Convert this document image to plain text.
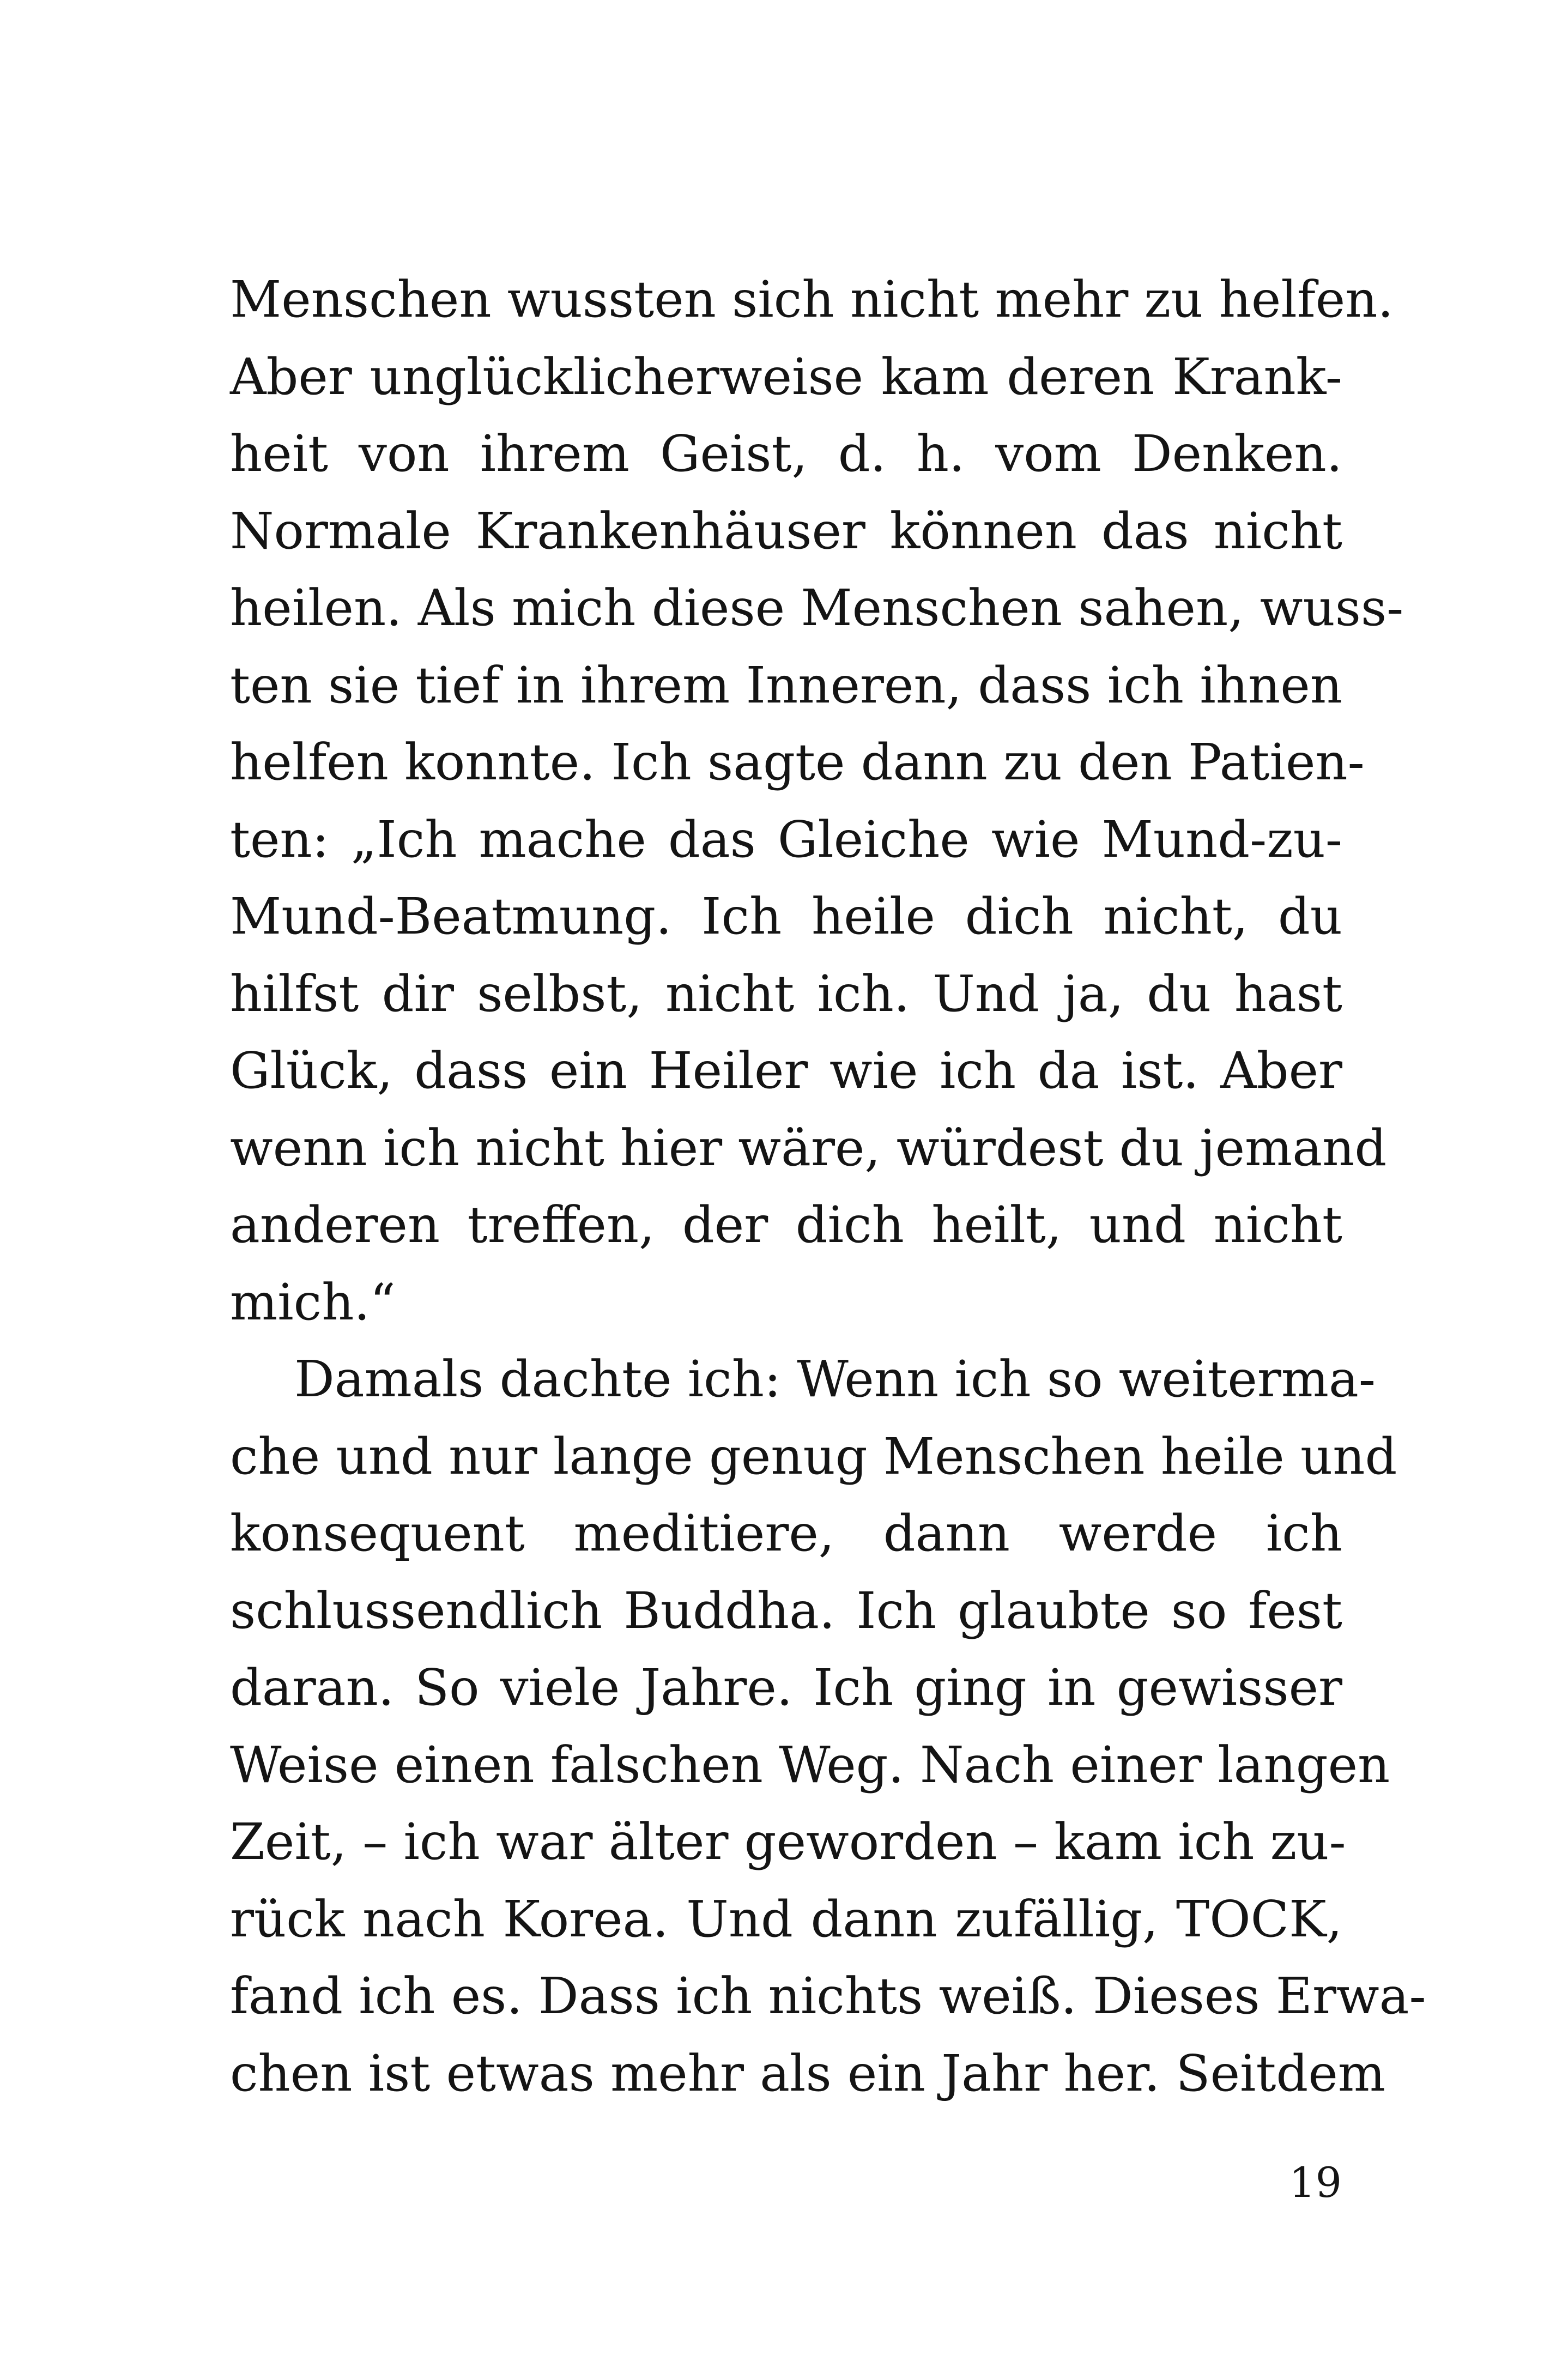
Menschen wussten sich nicht mehr zu helfen.
Aber unglücklicherweise kam deren Krank-
heit von ihrem Geist, d. h. vom Denken.
Normale Krankenhäuser können das nicht
heilen. Als mich diese Menschen sahen, wuss-
ten sie tief in ihrem Inneren, dass ich ihnen
helfen konnte. Ich sagte dann zu den Patien-
ten: „Ich mache das Gleiche wie Mund-zu-
Mund-Beatmung. Ich heile dich nicht, du
hilfst dir selbst, nicht ich. Und ja, du hast
Glück, dass ein Heiler wie ich da ist. Aber
wenn ich nicht hier wäre, würdest du jemand
anderen treffen, der dich heilt, und nicht
mich.“
Damals dachte ich: Wenn ich so weiterma-
che und nur lange genug Menschen heile und
konsequent meditiere, dann werde ich
schlussendlich Buddha. Ich glaubte so fest
daran. So viele Jahre. Ich ging in gewisser
Weise einen falschen Weg. Nach einer langen
Zeit, – ich war älter geworden – kam ich zu-
rück nach Korea. Und dann zufällig, TOCK,
fand ich es. Dass ich nichts weiß. Dieses Erwa-
chen ist etwas mehr als ein Jahr her. Seitdem
19
